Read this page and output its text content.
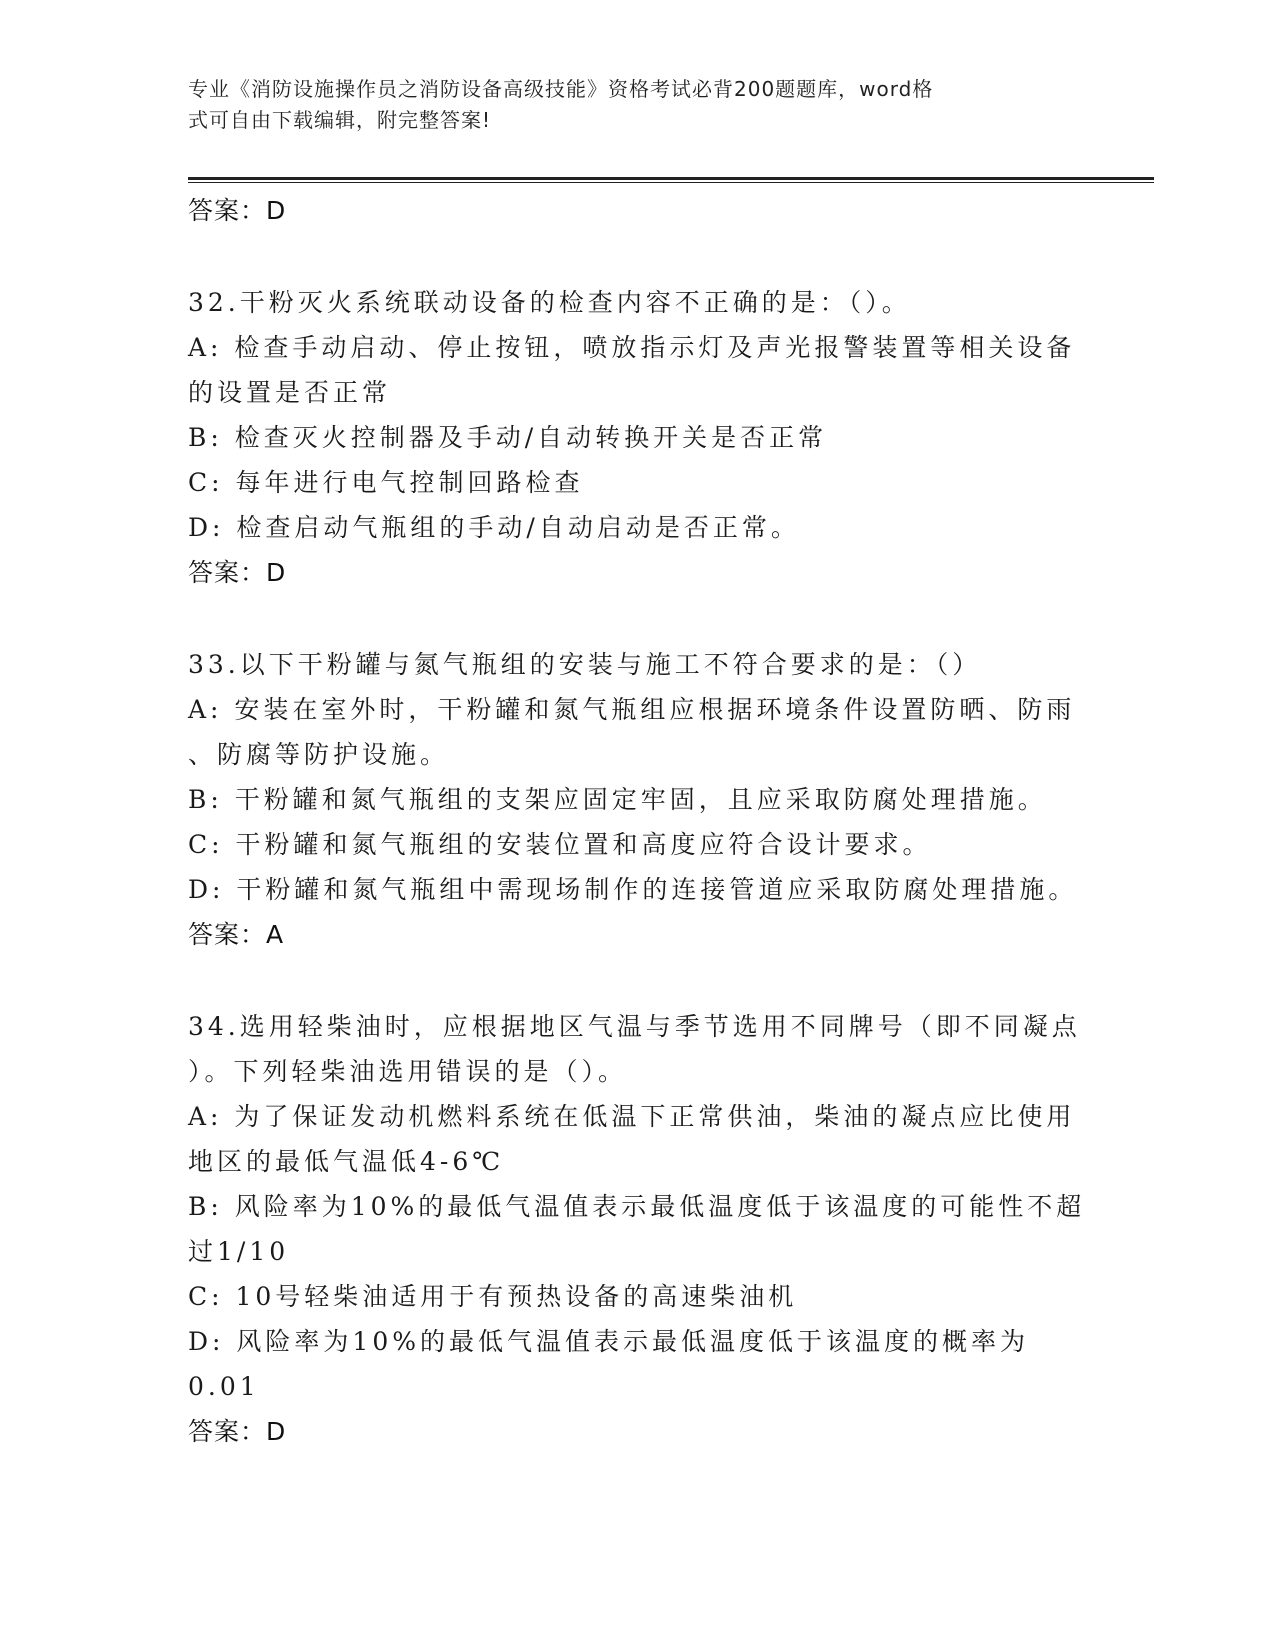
专业《消防设施操作员之消防设备高级技能》资格考试必背200题题库，word格
式可自由下载编辑，附完整答案!
答案：D
32.干粉灭火系统联动设备的检查内容不正确的是：（）。
A: 检查手动启动、停止按钮，喷放指示灯及声光报警装置等相关设备
的设置是否正常
B: 检查灭火控制器及手动/自动转换开关是否正常
C: 每年进行电气控制回路检查
D: 检查启动气瓶组的手动/自动启动是否正常。
答案：D
33.以下干粉罐与氮气瓶组的安装与施工不符合要求的是：（）
A: 安装在室外时，干粉罐和氮气瓶组应根据环境条件设置防晒、防雨
、防腐等防护设施。
B: 干粉罐和氮气瓶组的支架应固定牢固，且应采取防腐处理措施。
C: 干粉罐和氮气瓶组的安装位置和高度应符合设计要求。
D: 干粉罐和氮气瓶组中需现场制作的连接管道应采取防腐处理措施。
答案：A
34.选用轻柴油时，应根据地区气温与季节选用不同牌号（即不同凝点
）。下列轻柴油选用错误的是（）。
A: 为了保证发动机燃料系统在低温下正常供油，柴油的凝点应比使用
地区的最低气温低4-6℃
B: 风险率为10%的最低气温值表示最低温度低于该温度的可能性不超
过1/10
C: 10号轻柴油适用于有预热设备的高速柴油机
D: 风险率为10%的最低气温值表示最低温度低于该温度的概率为0.01
答案：D
